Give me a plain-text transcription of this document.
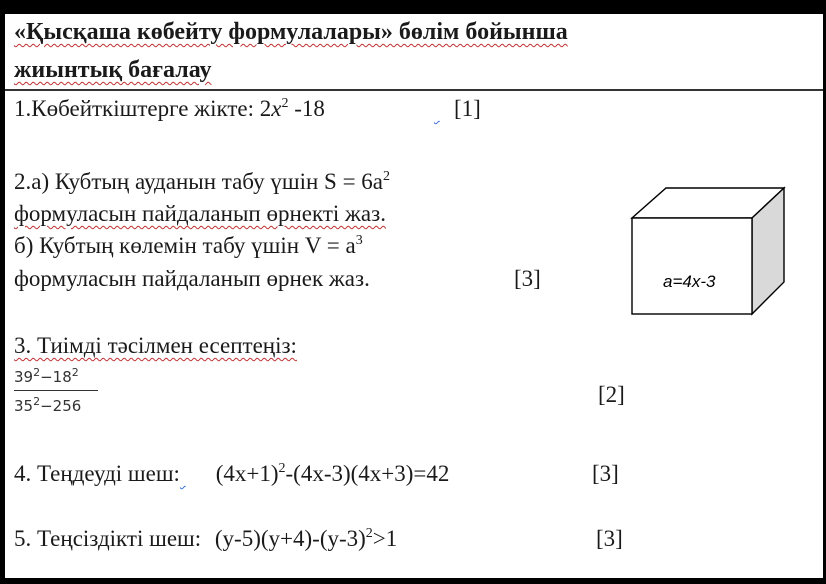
«Қысқаша көбейту формулалары» бөлім бойынша
жиынтық бағалау
1.Көбейткіштерге жікте: $2x^2$ -18	[1]
2.а) Кубтың ауданын табу үшін $S = 6a^2$
формуласын пайдаланып өрнекті жаз.
б) Кубтың көлемін табу үшін $V = a^3$
формуласын пайдаланып өрнек жаз.	[3]	a=4x-3
3. Тиімді тәсілмен есептеңіз:
$39^2-18^2$
$35^2-256$	[2]
4. Теңдеуді шеш: $(4x+1)^2-(4x-3)(4x+3)=42$	[3]
5. Теңсіздікті шеш: $(y-5)(y+4)-(y-3)^2>1$	[3]
